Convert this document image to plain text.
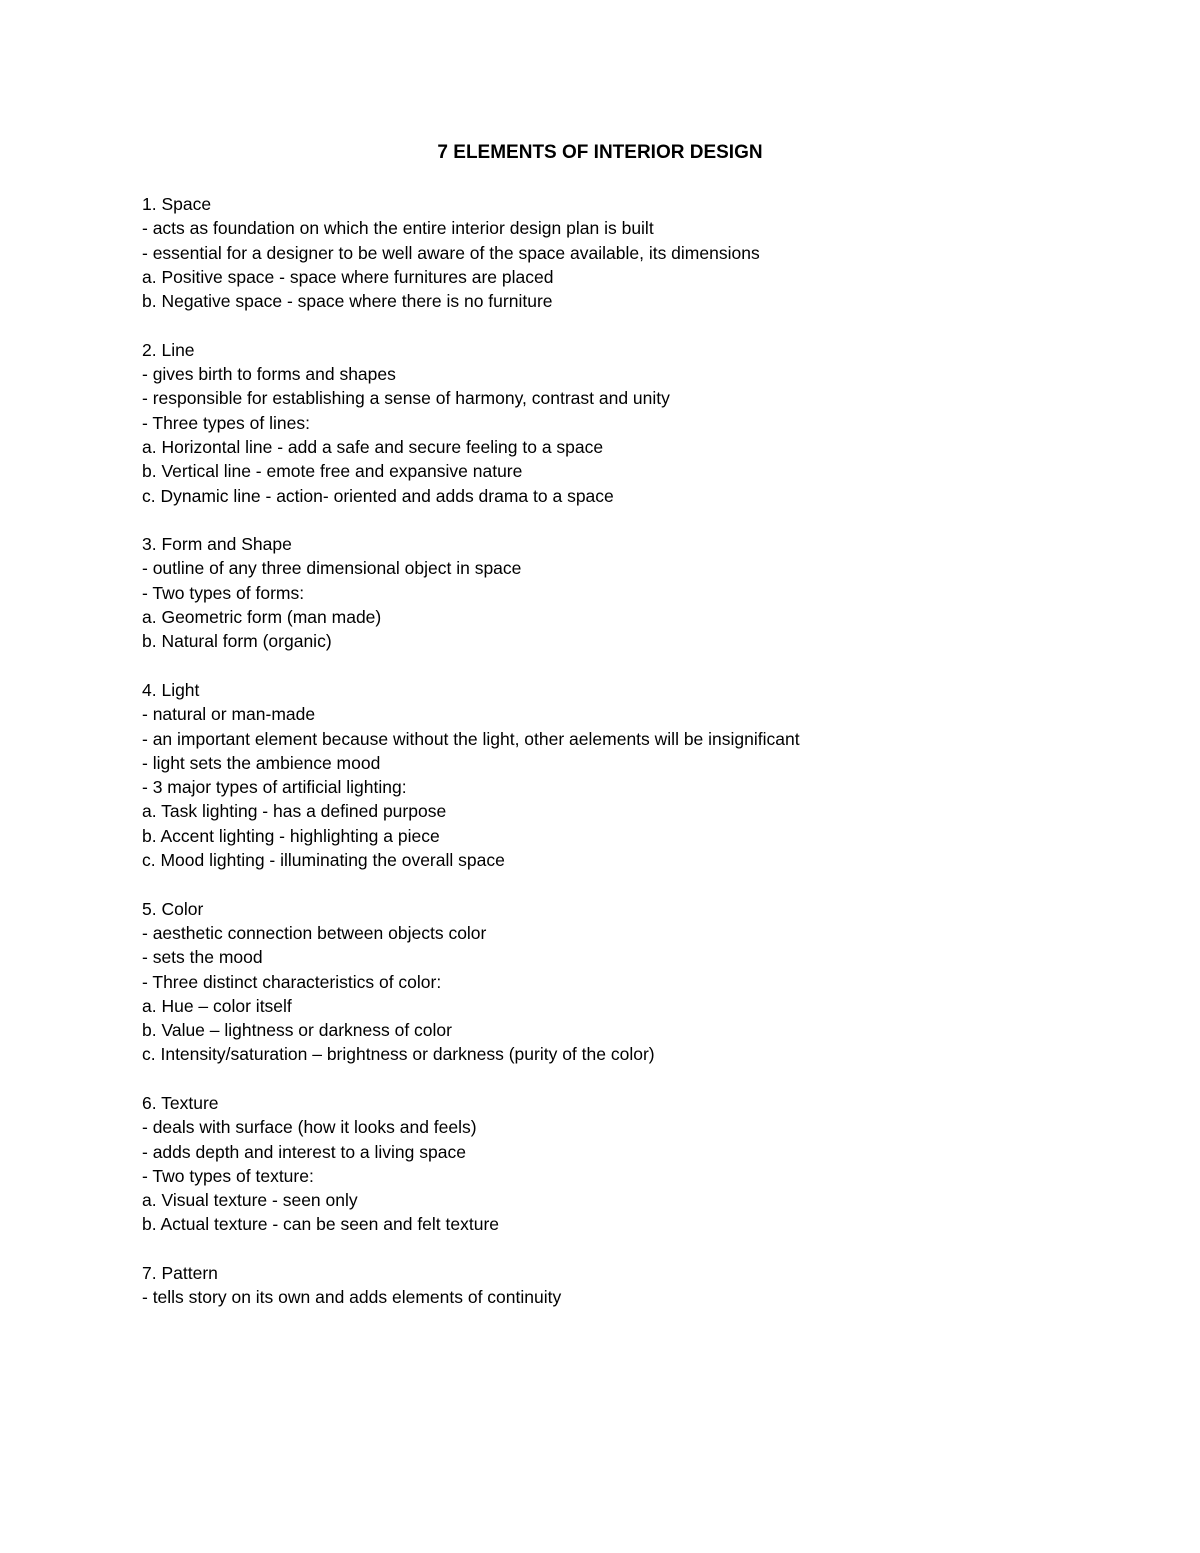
7 ELEMENTS OF INTERIOR DESIGN
1. Space
- acts as foundation on which the entire interior design plan is built
- essential for a designer to be well aware of the space available, its dimensions
a. Positive space - space where furnitures are placed
b. Negative space - space where there is no furniture
2. Line
- gives birth to forms and shapes
- responsible for establishing a sense of harmony, contrast and unity
- Three types of lines:
a. Horizontal line - add a safe and secure feeling to a space
b. Vertical line - emote free and expansive nature
c. Dynamic line - action- oriented and adds drama to a space
3. Form and Shape
- outline of any three dimensional object in space
- Two types of forms:
a. Geometric form (man made)
b. Natural form (organic)
4. Light
- natural or man-made
- an important element because without the light, other aelements will be insignificant
- light sets the ambience mood
- 3 major types of artificial lighting:
a. Task lighting - has a defined purpose
b. Accent lighting - highlighting a piece
c. Mood lighting - illuminating the overall space
5. Color
- aesthetic connection between objects color
- sets the mood
- Three distinct characteristics of color:
a. Hue – color itself
b. Value – lightness or darkness of color
c. Intensity/saturation – brightness or darkness (purity of the color)
6. Texture
- deals with surface (how it looks and feels)
- adds depth and interest to a living space
- Two types of texture:
a. Visual texture - seen only
b. Actual texture - can be seen and felt texture
7. Pattern
- tells story on its own and adds elements of continuity
